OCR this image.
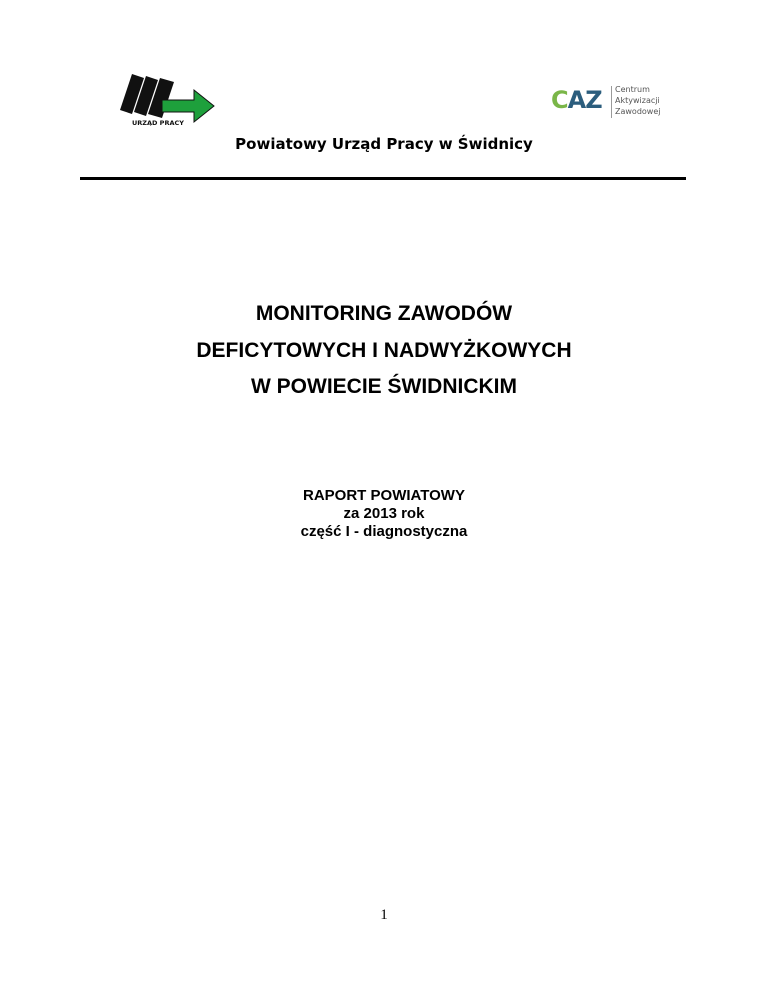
URZĄD PRACY
CAZ Centrum
Aktywizacji
Zawodowej
Powiatowy Urząd Pracy w Świdnicy
MONITORING ZAWODÓW
DEFICYTOWYCH I NADWYŻKOWYCH
W POWIECIE ŚWIDNICKIM
RAPORT POWIATOWY
za 2013 rok
część I - diagnostyczna
1
